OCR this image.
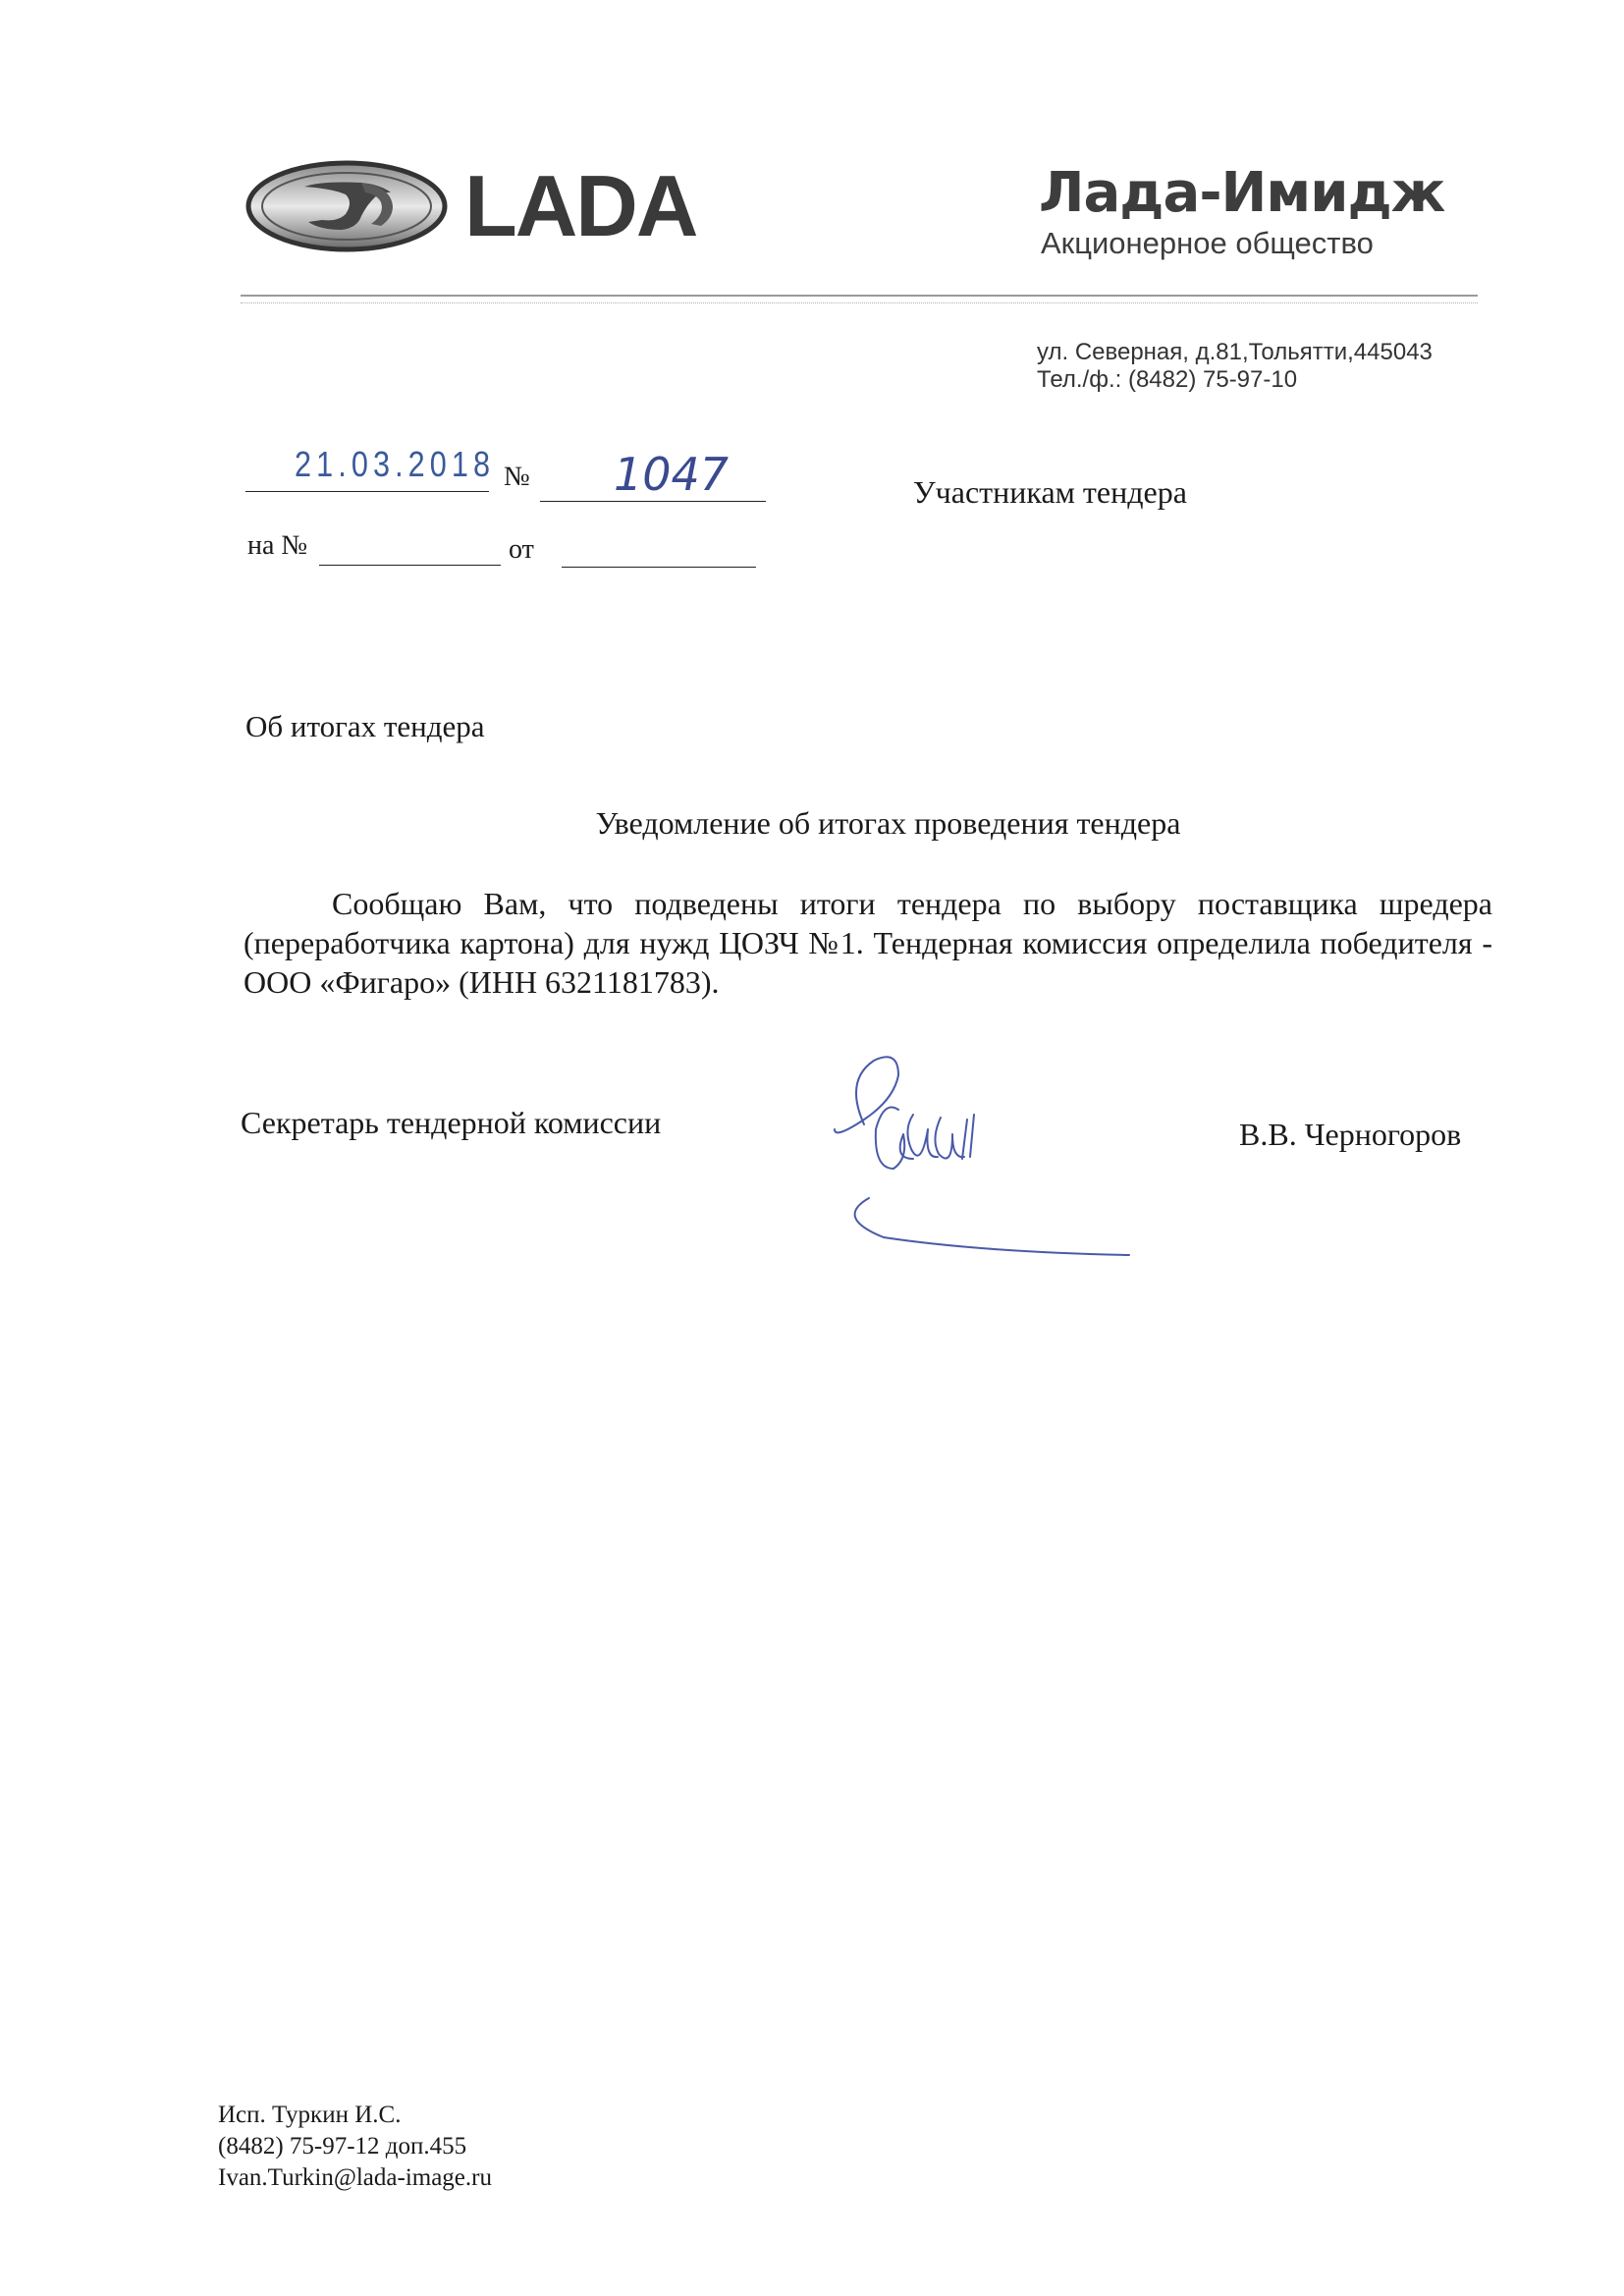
LADA	Лада-Имидж
Акционерное общество
ул. Северная, д.81,Тольятти,445043
Тел./ф.: (8482) 75-97-10
21.03.2018 № 1047
на №	от
Участникам тендера
Об итогах тендера
Уведомление об итогах проведения тендера
Сообщаю Вам, что подведены итоги тендера по выбору поставщика шредера (переработчика картона) для нужд ЦОЗЧ №1. Тендерная комиссия определила победителя - ООО «Фигаро» (ИНН 6321181783).
Секретарь тендерной комиссии	В.В. Черногоров
Исп. Туркин И.С.
(8482) 75-97-12 доп.455
Ivan.Turkin@lada-image.ru
